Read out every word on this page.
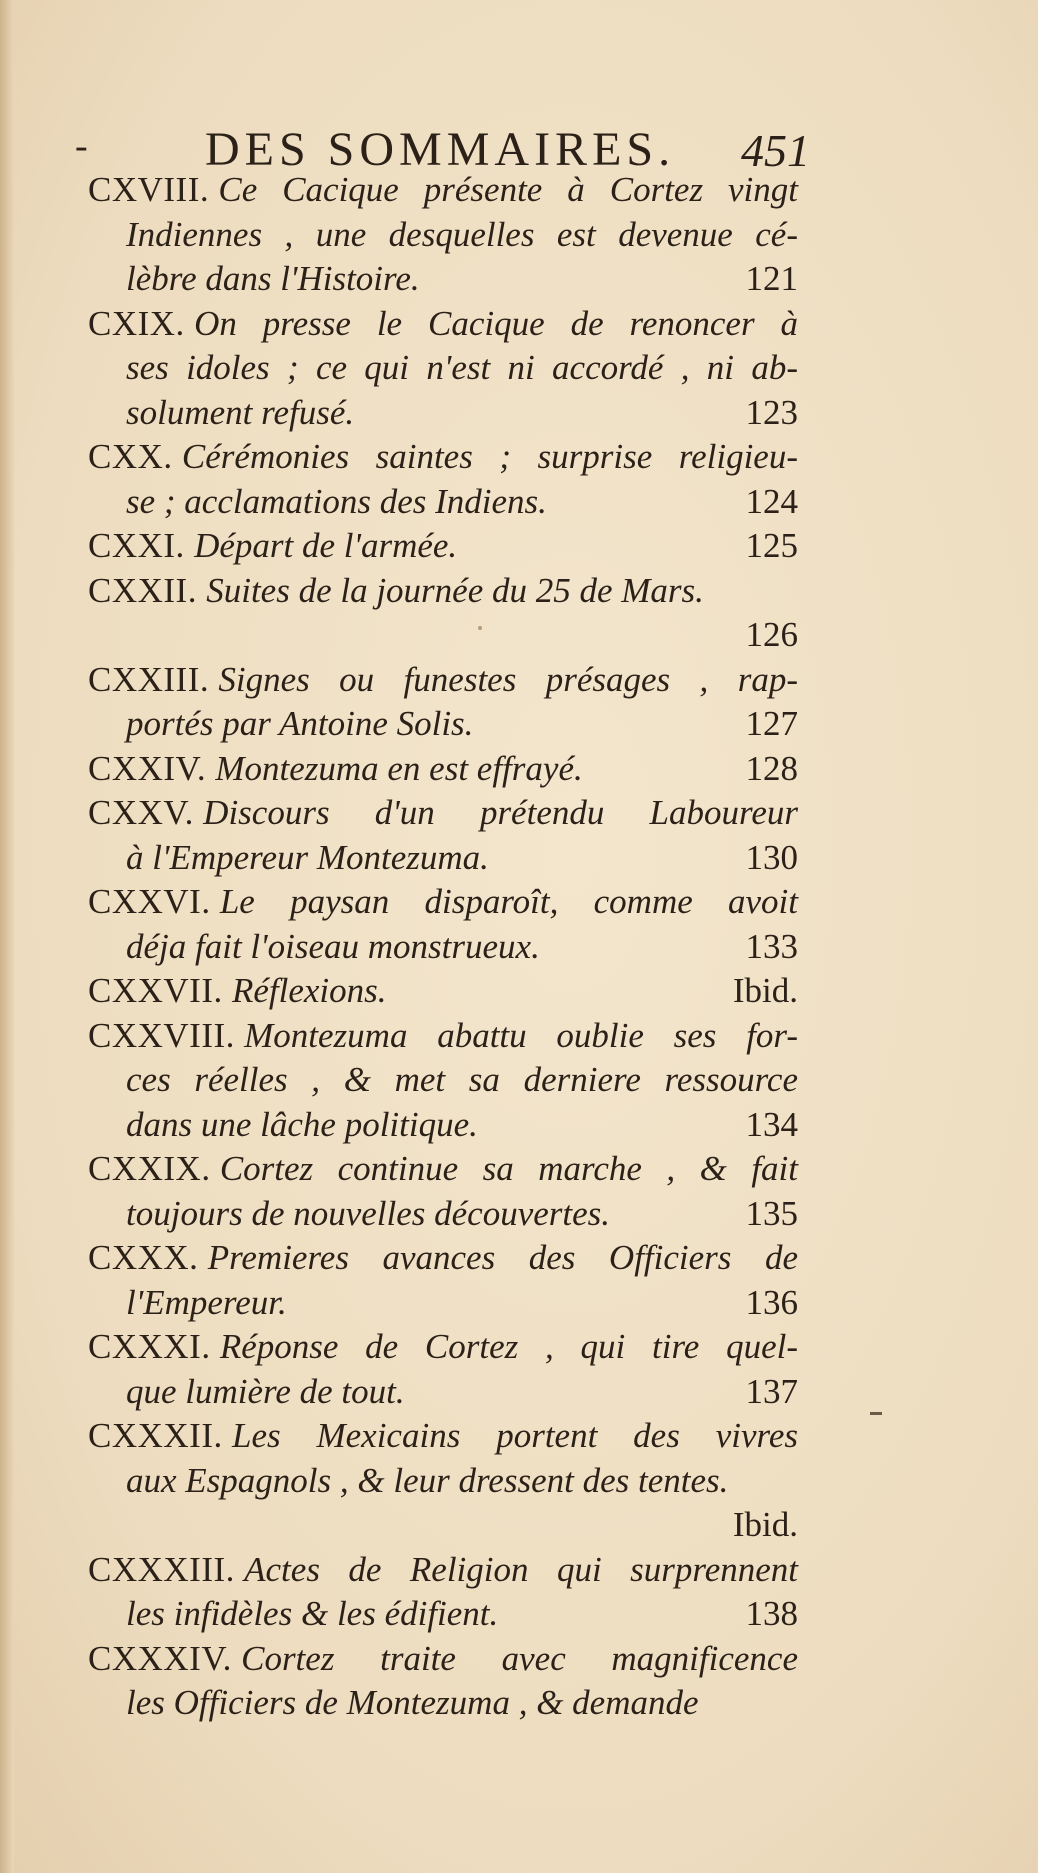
- DES SOMMAIRES. 451
CXVIII. Ce Cacique présente à Cortez vingt
Indiennes , une desquelles est devenue cé-
lèbre dans l'Histoire.	121
CXIX. On presse le Cacique de renoncer à
ses idoles ; ce qui n'est ni accordé , ni ab-
solument refusé.	123
CXX. Cérémonies saintes ; surprise religieu-
se ; acclamations des Indiens.	124
CXXI. Départ de l'armée.	125
CXXII. Suites de la journée du 25 de Mars.
126
CXXIII. Signes ou funestes présages , rap-
portés par Antoine Solis.	127
CXXIV. Montezuma en est effrayé.	128
CXXV. Discours d'un prétendu Laboureur
à l'Empereur Montezuma.	130
CXXVI. Le paysan disparoît, comme avoit
déja fait l'oiseau monstrueux.	133
CXXVII. Réflexions.	Ibid.
CXXVIII. Montezuma abattu oublie ses for-
ces réelles , & met sa derniere ressource
dans une lâche politique.	134
CXXIX. Cortez continue sa marche , & fait
toujours de nouvelles découvertes.	135
CXXX. Premieres avances des Officiers de
l'Empereur.	136
CXXXI. Réponse de Cortez , qui tire quel-
que lumière de tout.	137
CXXXII. Les Mexicains portent des vivres
aux Espagnols , & leur dressent des tentes.
Ibid.
CXXXIII. Actes de Religion qui surprennent
les infidèles & les édifient.	138
CXXXIV. Cortez traite avec magnificence
les Officiers de Montezuma , & demande
